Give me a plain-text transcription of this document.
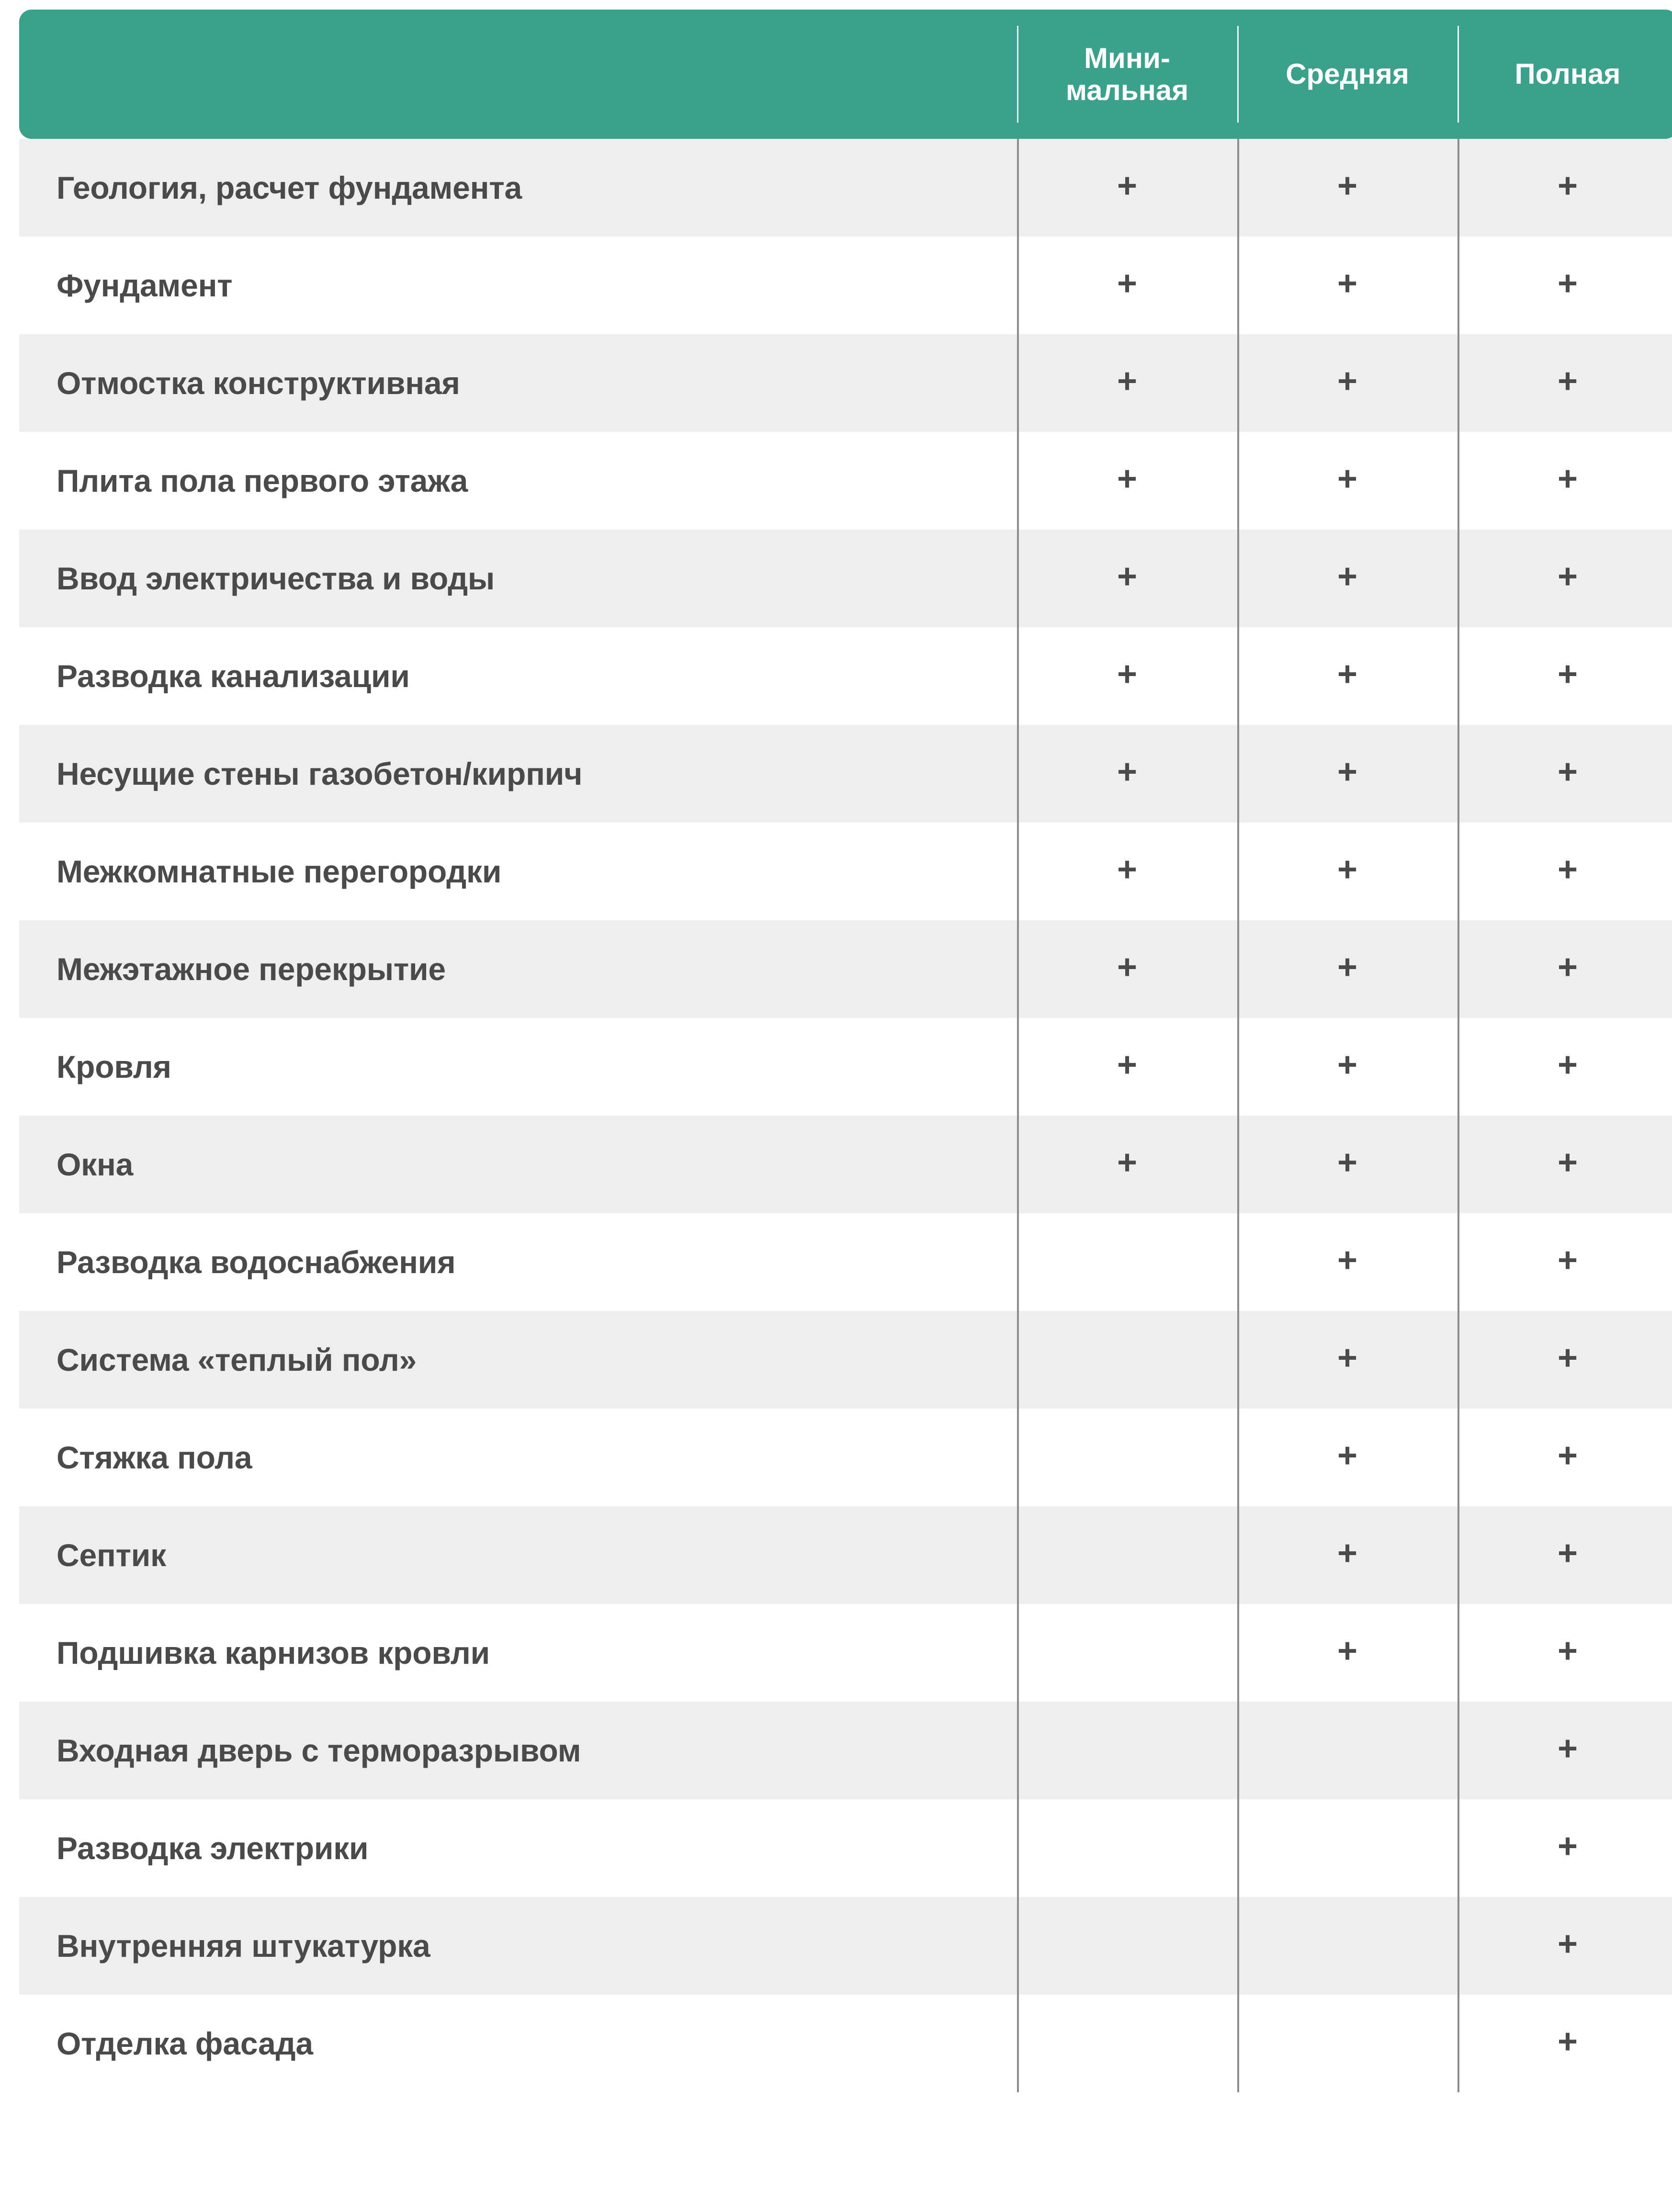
	Мини-
мальная	Средняя	Полная

Геология, расчет фундамента	+	+	+
Фундамент	+	+	+
Отмостка конструктивная	+	+	+
Плита пола первого этажа	+	+	+
Ввод электричества и воды	+	+	+
Разводка канализации	+	+	+
Несущие стены газобетон/кирпич	+	+	+
Межкомнатные перегородки	+	+	+
Межэтажное перекрытие	+	+	+
Кровля	+	+	+
Окна	+	+	+
Разводка водоснабжения		+	+
Система «теплый пол»		+	+
Стяжка пола		+	+
Септик		+	+
Подшивка карнизов кровли		+	+
Входная дверь с терморазрывом			+
Разводка электрики			+
Внутренняя штукатурка			+
Отделка фасада			+
